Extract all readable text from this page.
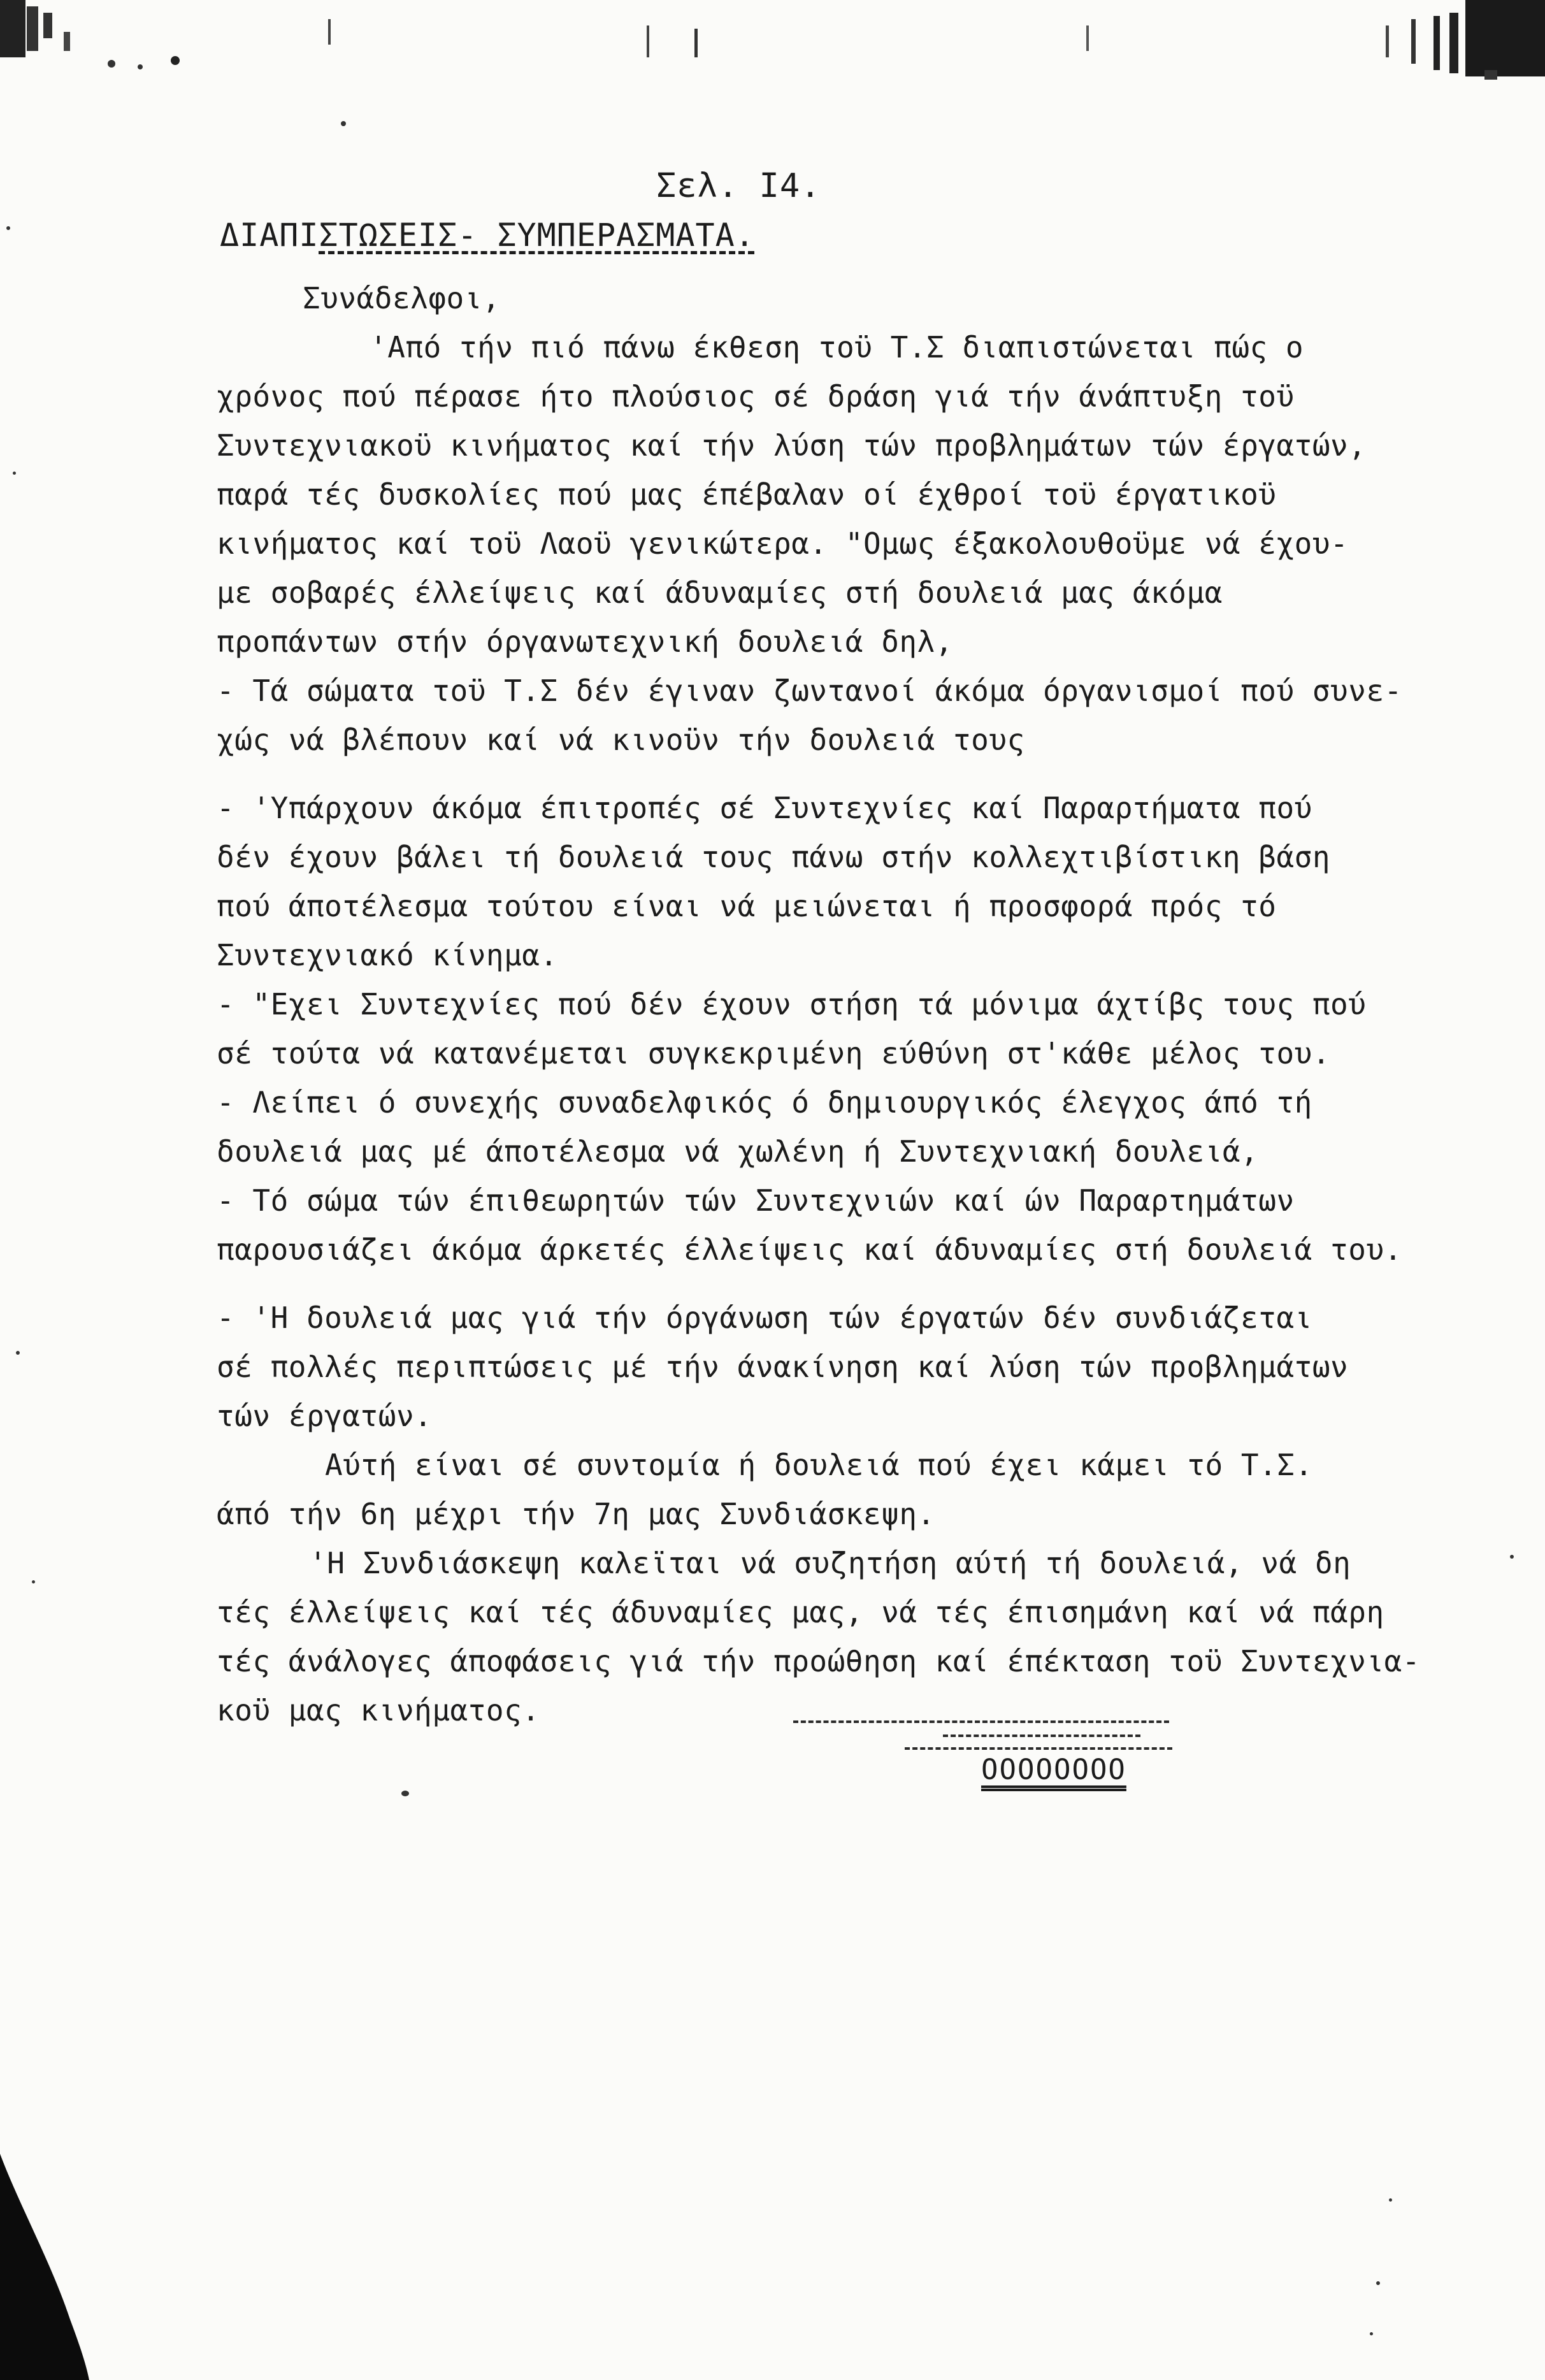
Σελ. Ι4.
ΔΙΑΠΙΣΤΩΣΕΙΣ- ΣΥΜΠΕΡΑΣΜΑΤΑ.
Συνάδελφοι,
'Από τήν πιό πάνω έκθεση τοϋ Τ.Σ διαπιστώνεται πώς ο
χρόνος πού πέρασε ήτο πλούσιος σέ δράση γιά τήν άνάπτυξη τοϋ
Συντεχνιακοϋ κινήματος καί τήν λύση τών προβλημάτων τών έργατών,
παρά τές δυσκολίες πού μας έπέβαλαν οί έχθροί τοϋ έργατικοϋ
κινήματος καί τοϋ Λαοϋ γενικώτερα. "Ομως έξακολουθοϋμε νά έχου-
με σοβαρές έλλείψεις καί άδυναμίες στή δουλειά μας άκόμα
προπάντων στήν όργανωτεχνική δουλειά δηλ,
- Τά σώματα τοϋ Τ.Σ δέν έγιναν ζωντανοί άκόμα όργανισμοί πού συνε-
χώς νά βλέπουν καί νά κινοϋν τήν δουλειά τους
- 'Υπάρχουν άκόμα έπιτροπές σέ Συντεχνίες καί Παραρτήματα πού
δέν έχουν βάλει τή δουλειά τους πάνω στήν κολλεχτιβίστικη βάση
πού άποτέλεσμα τούτου είναι νά μειώνεται ή προσφορά πρός τό
Συντεχνιακό κίνημα.
- "Εχει Συντεχνίες πού δέν έχουν στήση τά μόνιμα άχτίβς τους πού
σέ τούτα νά κατανέμεται συγκεκριμένη εύθύνη στ'κάθε μέλος του.
- Λείπει ό συνεχής συναδελφικός ό δημιουργικός έλεγχος άπό τή
δουλειά μας μέ άποτέλεσμα νά χωλένη ή Συντεχνιακή δουλειά,
- Τό σώμα τών έπιθεωρητών τών Συντεχνιών καί ών Παραρτημάτων
παρουσιάζει άκόμα άρκετές έλλείψεις καί άδυναμίες στή δουλειά του.
- 'Η δουλειά μας γιά τήν όργάνωση τών έργατών δέν συνδιάζεται
σέ πολλές περιπτώσεις μέ τήν άνακίνηση καί λύση τών προβλημάτων
τών έργατών.
Αύτή είναι σέ συντομία ή δουλειά πού έχει κάμει τό Τ.Σ.
άπό τήν 6η μέχρι τήν 7η μας Συνδιάσκεψη.
'Η Συνδιάσκεψη καλεϊται νά συζητήση αύτή τή δουλειά, νά δη
τές έλλείψεις καί τές άδυναμίες μας, νά τές έπισημάνη καί νά πάρη
τές άνάλογες άποφάσεις γιά τήν προώθηση καί έπέκταση τοϋ Συντεχνια-
κοϋ μας κινήματος.
ΟΟΟΟΟΟΟΟ
